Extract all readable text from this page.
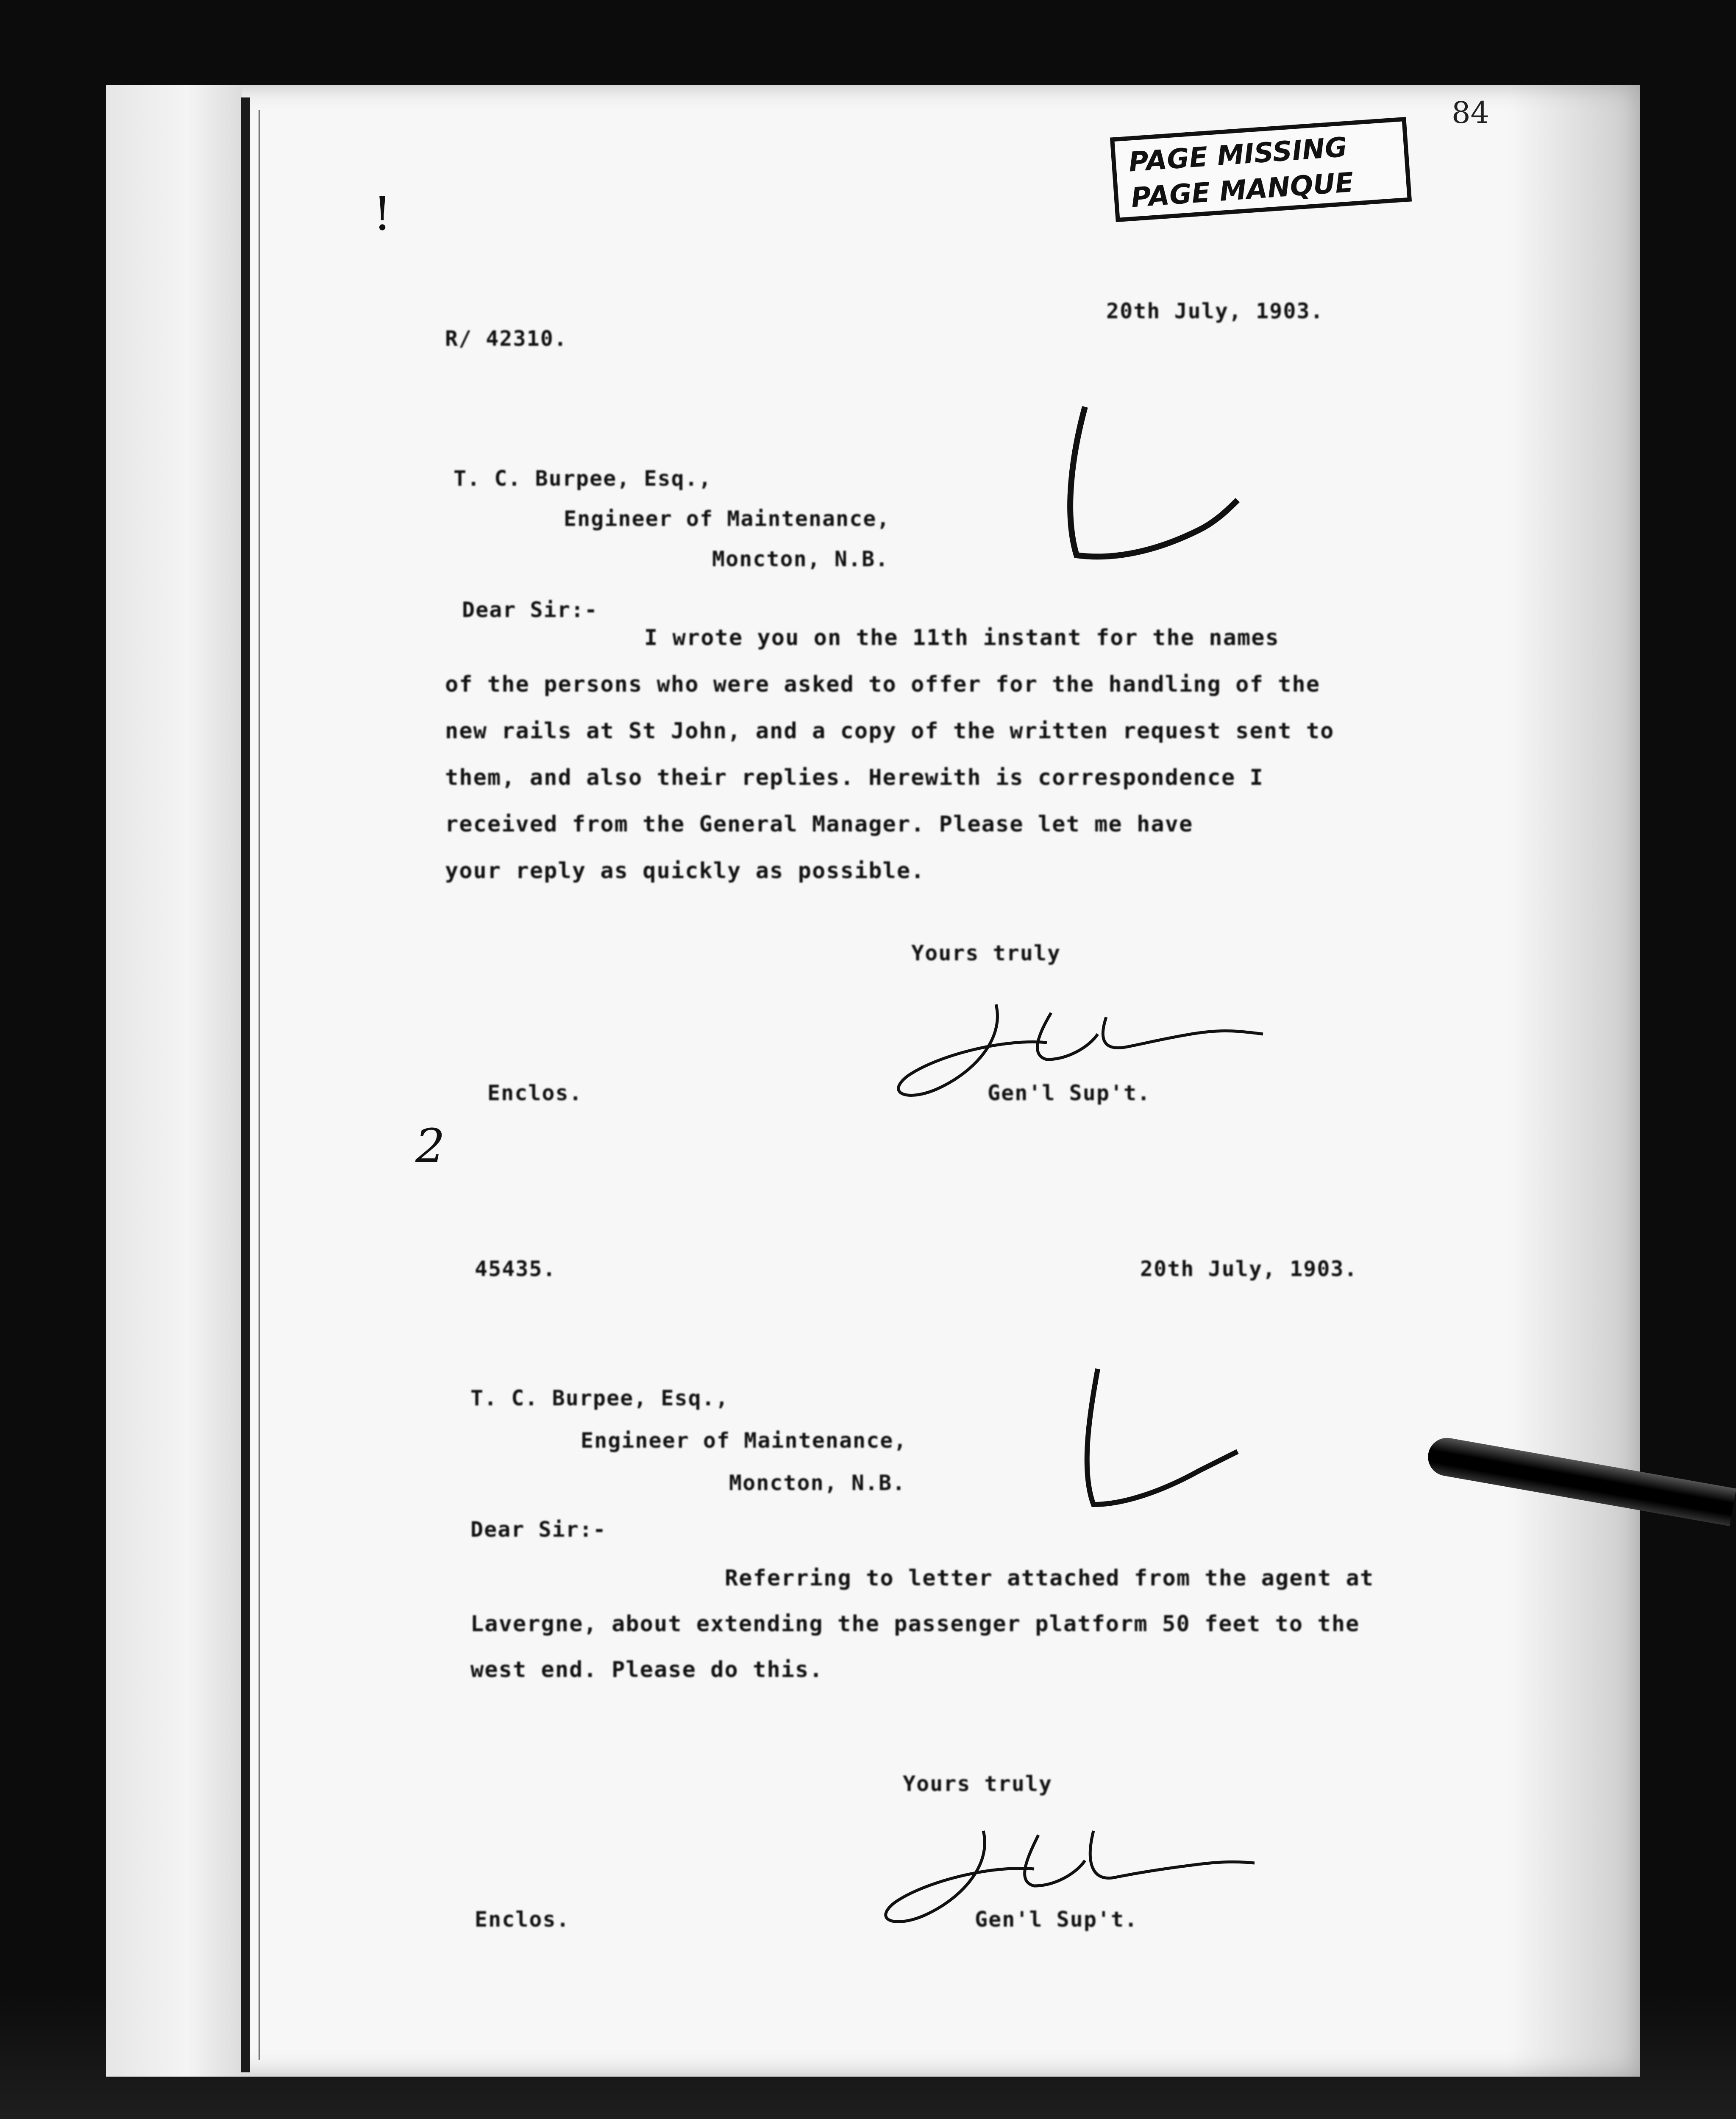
84
PAGE MISSING
PAGE MANQUE
!
2
R/ 42310.
20th July, 1903.
T. C. Burpee, Esq.,
Engineer of Maintenance,
Moncton, N.B.
Dear Sir:-
I wrote you on the 11th instant for the names
of the persons who were asked to offer for the handling of the
new rails at St John, and a copy of the written request sent to
them, and also their replies. Herewith is correspondence I
received from the General Manager. Please let me have
your reply as quickly as possible.
Yours truly
Enclos.	Gen'l Sup't.
45435.	20th July, 1903.
T. C. Burpee, Esq.,
Engineer of Maintenance,
Moncton, N.B.
Dear Sir:-
Referring to letter attached from the agent at
Lavergne, about extending the passenger platform 50 feet to the
west end. Please do this.
Yours truly
Enclos.	Gen'l Sup't.
